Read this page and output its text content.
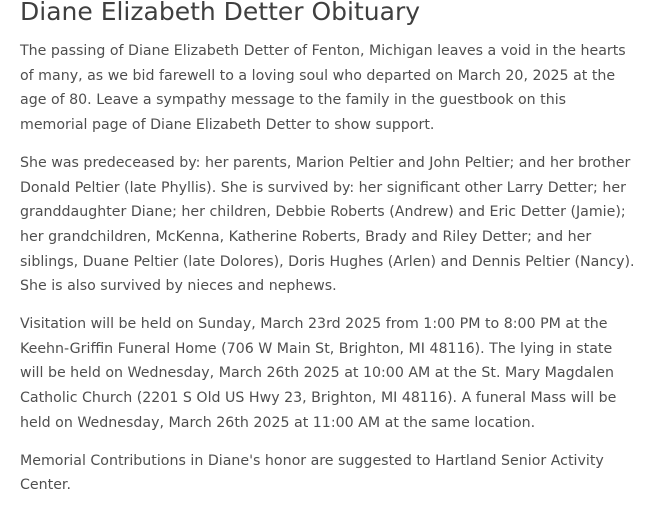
Diane Elizabeth Detter Obituary

The passing of Diane Elizabeth Detter of Fenton, Michigan leaves a void in the hearts of many, as we bid farewell to a loving soul who departed on March 20, 2025 at the age of 80. Leave a sympathy message to the family in the guestbook on this memorial page of Diane Elizabeth Detter to show support.

She was predeceased by: her parents, Marion Peltier and John Peltier; and her brother Donald Peltier (late Phyllis). She is survived by: her significant other Larry Detter; her granddaughter Diane; her children, Debbie Roberts (Andrew) and Eric Detter (Jamie); her grandchildren, McKenna, Katherine Roberts, Brady and Riley Detter; and her siblings, Duane Peltier (late Dolores), Doris Hughes (Arlen) and Dennis Peltier (Nancy). She is also survived by nieces and nephews.

Visitation will be held on Sunday, March 23rd 2025 from 1:00 PM to 8:00 PM at the Keehn-Griffin Funeral Home (706 W Main St, Brighton, MI 48116). The lying in state will be held on Wednesday, March 26th 2025 at 10:00 AM at the St. Mary Magdalen Catholic Church (2201 S Old US Hwy 23, Brighton, MI 48116). A funeral Mass will be held on Wednesday, March 26th 2025 at 11:00 AM at the same location.

Memorial Contributions in Diane's honor are suggested to Hartland Senior Activity Center.
